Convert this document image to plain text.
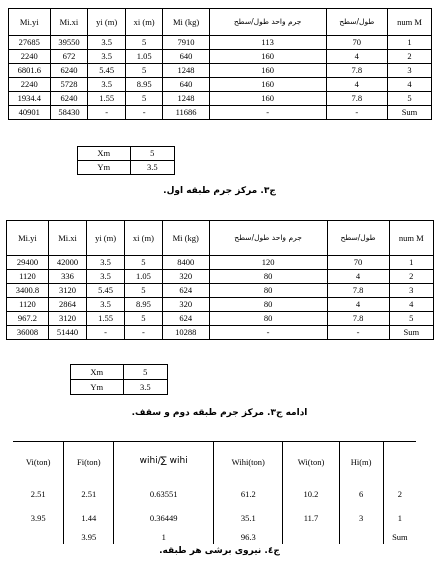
Mi.yi	Mi.xi	yi (m)	xi (m)	Mi (kg)	جرم واحد طول/سطح	طول/سطح	num M
27685	39550	3.5	5	7910	113	70	1
2240	672	3.5	1.05	640	160	4	2
6801.6	6240	5.45	5	1248	160	7.8	3
2240	5728	3.5	8.95	640	160	4	4
1934.4	6240	1.55	5	1248	160	7.8	5
40901	58430	-	-	11686	-	-	Sum
Xm	5
Ym	3.5
ج۳. مرکز جرم طبقه اول.
Mi.yi	Mi.xi	yi (m)	xi (m)	Mi (kg)	جرم واحد طول/سطح	طول/سطح	num M
29400	42000	3.5	5	8400	120	70	1
1120	336	3.5	1.05	320	80	4	2
3400.8	3120	5.45	5	624	80	7.8	3
1120	2864	3.5	8.95	320	80	4	4
967.2	3120	1.55	5	624	80	7.8	5
36008	51440	-	-	10288	-	-	Sum
Xm	5
Ym	3.5
ادامه ج۳. مرکز جرم طبقه دوم و سقف.
Vi(ton)	Fi(ton)	wihi/∑ wihi	Wihi(ton)	Wi(ton)	Hi(m)	
2.51	2.51	0.63551	61.2	10.2	6	2
3.95	1.44	0.36449	35.1	11.7	3	1
	3.95	1	96.3			Sum
ج٤. نیروی برشی هر طبقه.
